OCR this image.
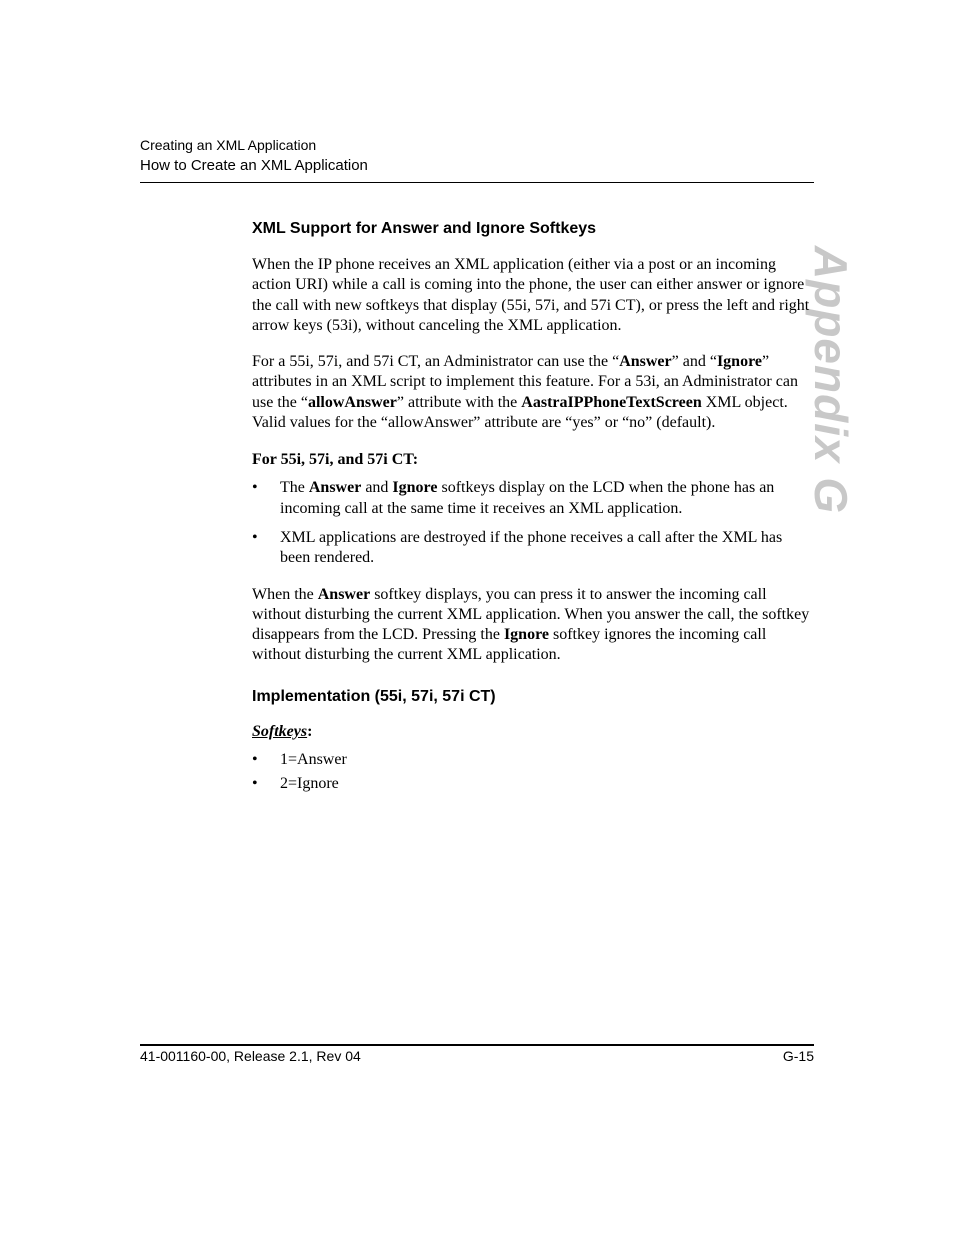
Creating an XML Application
How to Create an XML Application
Appendix G
XML Support for Answer and Ignore Softkeys

When the IP phone receives an XML application (either via a post or an incoming action URI) while a call is coming into the phone, the user can either answer or ignore the call with new softkeys that display (55i, 57i, and 57i CT), or press the left and right arrow keys (53i), without canceling the XML application.

For a 55i, 57i, and 57i CT, an Administrator can use the “Answer” and “Ignore” attributes in an XML script to implement this feature. For a 53i, an Administrator can use the “allowAnswer” attribute with the AastraIPPhoneTextScreen XML object. Valid values for the “allowAnswer” attribute are “yes” or “no” (default).

For 55i, 57i, and 57i CT:
• The Answer and Ignore softkeys display on the LCD when the phone has an incoming call at the same time it receives an XML application.
• XML applications are destroyed if the phone receives a call after the XML has been rendered.

When the Answer softkey displays, you can press it to answer the incoming call without disturbing the current XML application. When you answer the call, the softkey disappears from the LCD. Pressing the Ignore softkey ignores the incoming call without disturbing the current XML application.

Implementation (55i, 57i, 57i CT)
Softkeys:
• 1=Answer
• 2=Ignore
41-001160-00, Release 2.1, Rev 04	G-15
